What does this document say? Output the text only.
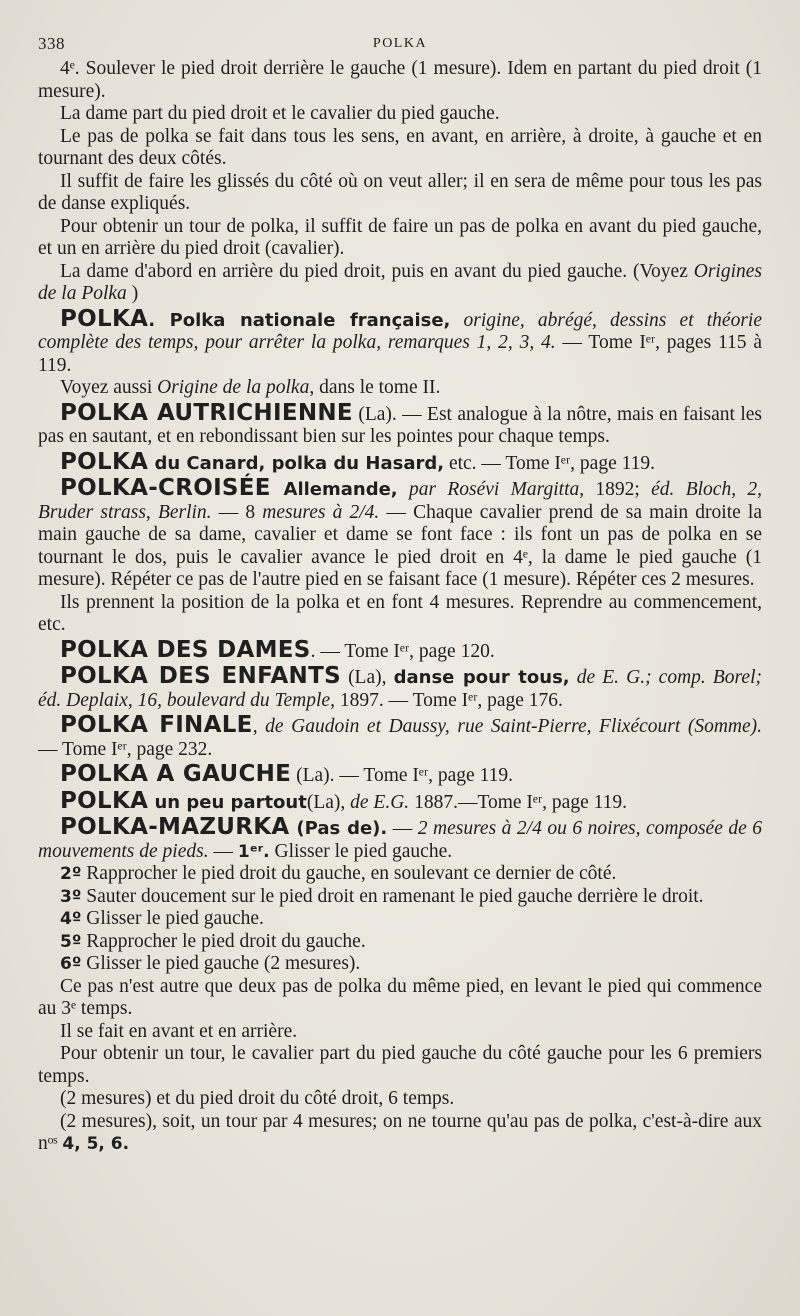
338	POLKA

4ᵉ. Soulever le pied droit derrière le gauche (1 mesure). Idem en partant du pied droit (1 mesure).

La dame part du pied droit et le cavalier du pied gauche.

Le pas de polka se fait dans tous les sens, en avant, en arrière, à droite, à gauche et en tournant des deux côtés.

Il suffit de faire les glissés du côté où on veut aller; il en sera de même pour tous les pas de danse expliqués.

Pour obtenir un tour de polka, il suffit de faire un pas de polka en avant du pied gauche, et un en arrière du pied droit (cavalier).

La dame d'abord en arrière du pied droit, puis en avant du pied gauche. (Voyez Origines de la Polka )

POLKA. Polka nationale française, origine, abrégé, dessins et théorie complète des temps, pour arrêter la polka, remarques 1, 2, 3, 4. — Tome Iᵉʳ, pages 115 à 119.

Voyez aussi Origine de la polka, dans le tome II.

POLKA AUTRICHIENNE (La). — Est analogue à la nôtre, mais en faisant les pas en sautant, et en rebondissant bien sur les pointes pour chaque temps.

POLKA du Canard, polka du Hasard, etc. — Tome Iᵉʳ, page 119.

POLKA-CROISÉE Allemande, par Rosévi Margitta, 1892; éd. Bloch, 2, Bruder strass, Berlin. — 8 mesures à 2/4. — Chaque cavalier prend de sa main droite la main gauche de sa dame, cavalier et dame se font face : ils font un pas de polka en se tournant le dos, puis le cavalier avance le pied droit en 4ᵉ, la dame le pied gauche (1 mesure). Répéter ce pas de l'autre pied en se faisant face (1 mesure). Répéter ces 2 mesures.

Ils prennent la position de la polka et en font 4 mesures. Reprendre au commencement, etc.

POLKA DES DAMES. — Tome Iᵉʳ, page 120.

POLKA DES ENFANTS (La), danse pour tous, de E. G.; comp. Borel; éd. Deplaix, 16, boulevard du Temple, 1897. — Tome Iᵉʳ, page 176.

POLKA FINALE, de Gaudoin et Daussy, rue Saint-Pierre, Flixécourt (Somme). — Tome Iᵉʳ, page 232.

POLKA A GAUCHE (La). — Tome Iᵉʳ, page 119.

POLKA un peu partout(La), de E.G. 1887.—Tome Iᵉʳ, page 119.

POLKA-MAZURKA (Pas de). — 2 mesures à 2/4 ou 6 noires, composée de 6 mouvements de pieds. — 1ᵉʳ. Glisser le pied gauche.

2º Rapprocher le pied droit du gauche, en soulevant ce dernier de côté.

3º Sauter doucement sur le pied droit en ramenant le pied gauche derrière le droit.

4º Glisser le pied gauche.

5º Rapprocher le pied droit du gauche.

6º Glisser le pied gauche (2 mesures).

Ce pas n'est autre que deux pas de polka du même pied, en levant le pied qui commence au 3ᵉ temps.

Il se fait en avant et en arrière.

Pour obtenir un tour, le cavalier part du pied gauche du côté gauche pour les 6 premiers temps.

(2 mesures) et du pied droit du côté droit, 6 temps.

(2 mesures), soit, un tour par 4 mesures; on ne tourne qu'au pas de polka, c'est-à-dire aux nᵒˢ 4, 5, 6.
